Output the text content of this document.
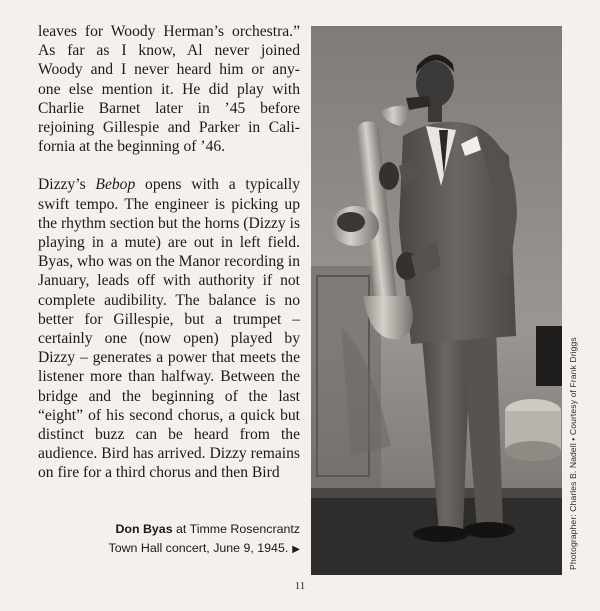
leaves for Woody Herman’s orchestra.”
As far as I know, Al never joined
Woody and I never heard him or any-
one else mention it. He did play with
Charlie Barnet later in ’45 before
rejoining Gillespie and Parker in Cali-
fornia at the beginning of ’46.

Dizzy’s Bebop opens with a typically swift tempo. The engineer is picking up the rhythm section but the horns (Dizzy is playing in a mute) are out in left field. Byas, who was on the Manor recording in January, leads off with authority if not complete audibility. The balance is no better for Gillespie, but a trumpet – certainly one (now open) played by Dizzy – generates a power that meets the listener more than halfway. Between the bridge and the beginning of the last “eight” of his second chorus, a quick but distinct buzz can be heard from the audience. Bird has arrived. Dizzy remains on fire for a third chorus and then Bird

Don Byas at Timme Rosencrantz
Town Hall concert, June 9, 1945. ▶	Photographer: Charles B. Nadell • Courtesy of Frank Driggs
11
